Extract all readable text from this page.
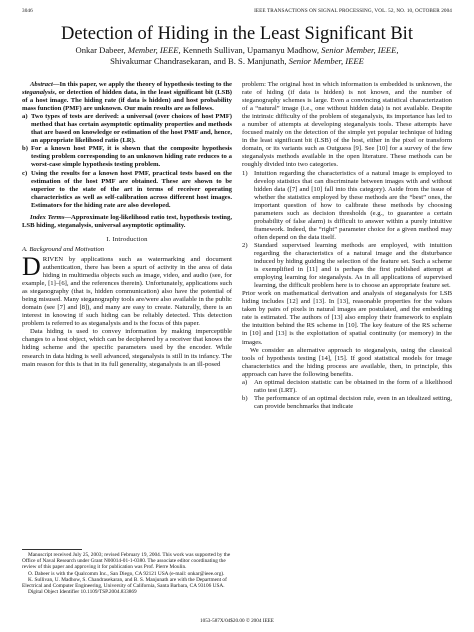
3046	IEEE TRANSACTIONS ON SIGNAL PROCESSING, VOL. 52, NO. 10, OCTOBER 2004
Detection of Hiding in the Least Significant Bit
Onkar Dabeer, Member, IEEE, Kenneth Sullivan, Upamanyu Madhow, Senior Member, IEEE,
Shivakumar Chandrasekaran, and B. S. Manjunath, Senior Member, IEEE

Abstract—In this paper, we apply the theory of hypothesis testing to the steganalysis, or detection of hidden data, in the least significant bit (LSB) of a host image. The hiding rate (if data is hidden) and host probability mass function (PMF) are unknown. Our main results are as follows.

a) Two types of tests are derived: a universal (over choices of host PMF) method that has certain asymptotic optimality properties and methods that are based on knowledge or estimation of the host PMF and, hence, an appropriate likelihood ratio (LR).
b) For a known host PMF, it is shown that the composite hypothesis testing problem corresponding to an unknown hiding rate reduces to a worst-case simple hypothesis testing problem.
c) Using the results for a known host PMF, practical tests based on the estimation of the host PMF are obtained. These are shown to be superior to the state of the art in terms of receiver operating characteristics as well as self-calibration across different host images. Estimators for the hiding rate are also developed.

Index Terms—Approximate log-likelihood ratio test, hypothesis testing, LSB hiding, steganalysis, universal asymptotic optimality.

I. Introduction
A. Background and Motivation

DRIVEN by applications such as watermarking and document authentication, there has been a spurt of activity in the area of data hiding in multimedia objects such as image, video, and audio (see, for example, [1]–[6], and the references therein). Unfortunately, applications such as steganography (that is, hidden communication) also have the potential of being misused. Many steganography tools are/were also available in the public domain (see [7] and [8]), and many are easy to create. Naturally, there is an interest in knowing if such hiding can be reliably detected. This detection problem is referred to as steganalysis and is the focus of this paper.

Data hiding is used to convey information by making imperceptible changes to a host object, which can be deciphered by a receiver that knows the hiding scheme and the specific parameters used by the encoder. While research in data hiding is well advanced, steganalysis is still in its infancy. The main reason for this is that in its full generality, steganalysis is an ill-posed

Manuscript received July 25, 2003; revised February 19, 2004. This work was supported by the Office of Naval Research under Grant N00014-01-1-0380. The associate editor coordinating the review of this paper and approving it for publication was Prof. Pierre Moulin.

O. Dabeer is with the Qualcomm Inc., San Diego, CA 92121 USA (e-mail: onkar@ieee.org).

K. Sullivan, U. Madhow, S. Chandrasekaran, and B. S. Manjunath are with the Department of Electrical and Computer Engineering, University of California, Santa Barbara, CA 93106 USA.

Digital Object Identifier 10.1109/TSP.2004.833869

problem: The original host in which information is embedded is unknown, the rate of hiding (if data is hidden) is not known, and the number of steganography schemes is large. Even a convincing statistical characterization of a “natural” image (i.e., one without hidden data) is not available. Despite the intrinsic difficulty of the problem of steganalysis, its importance has led to a number of attempts at developing steganalysis tools. These attempts have focused mainly on the detection of the simple yet popular technique of hiding in the least significant bit (LSB) of the host, either in the pixel or transform domain, or its variants such as Outguess [9]. See [10] for a survey of the few steganalysis methods available in the open literature. These methods can be roughly divided into two categories.

1) Intuition regarding the characteristics of a natural image is employed to develop statistics that can discriminate between images with and without hidden data ([7] and [10] fall into this category). Aside from the issue of whether the statistics employed by these methods are the “best” ones, the important question of how to calibrate these methods by choosing parameters such as decision thresholds (e.g., to guarantee a certain probability of false alarm) is difficult to answer within a purely intuitive framework. Indeed, the “right” parameter choice for a given method may often depend on the data itself.
2) Standard supervised learning methods are employed, with intuition regarding the characteristics of a natural image and the disturbance induced by hiding guiding the selection of the feature set. Such a scheme is exemplified in [11] and is perhaps the first published attempt at employing learning for steganalysis. As in all applications of supervised learning, the difficult problem here is to choose an appropriate feature set.

Prior work on mathematical derivation and analysis of steganalysis for LSB hiding includes [12] and [13]. In [13], reasonable properties for the values taken by pairs of pixels in natural images are postulated, and the embedding rate is estimated. The authors of [13] also employ their framework to explain the intuition behind the RS scheme in [10]. The key feature of the RS scheme in [10] and [13] is the exploitation of spatial continuity (or memory) in the images.

We consider an alternative approach to steganalysis, using the classical tools of hypothesis testing [14], [15]. If good statistical models for image characteristics and the hiding process are available, then, in principle, this approach can have the following benefits.

a) An optimal decision statistic can be obtained in the form of a likelihood ratio test (LRT).
b) The performance of an optimal decision rule, even in an idealized setting, can provide benchmarks that indicate
1053-587X/04$20.00 © 2004 IEEE
